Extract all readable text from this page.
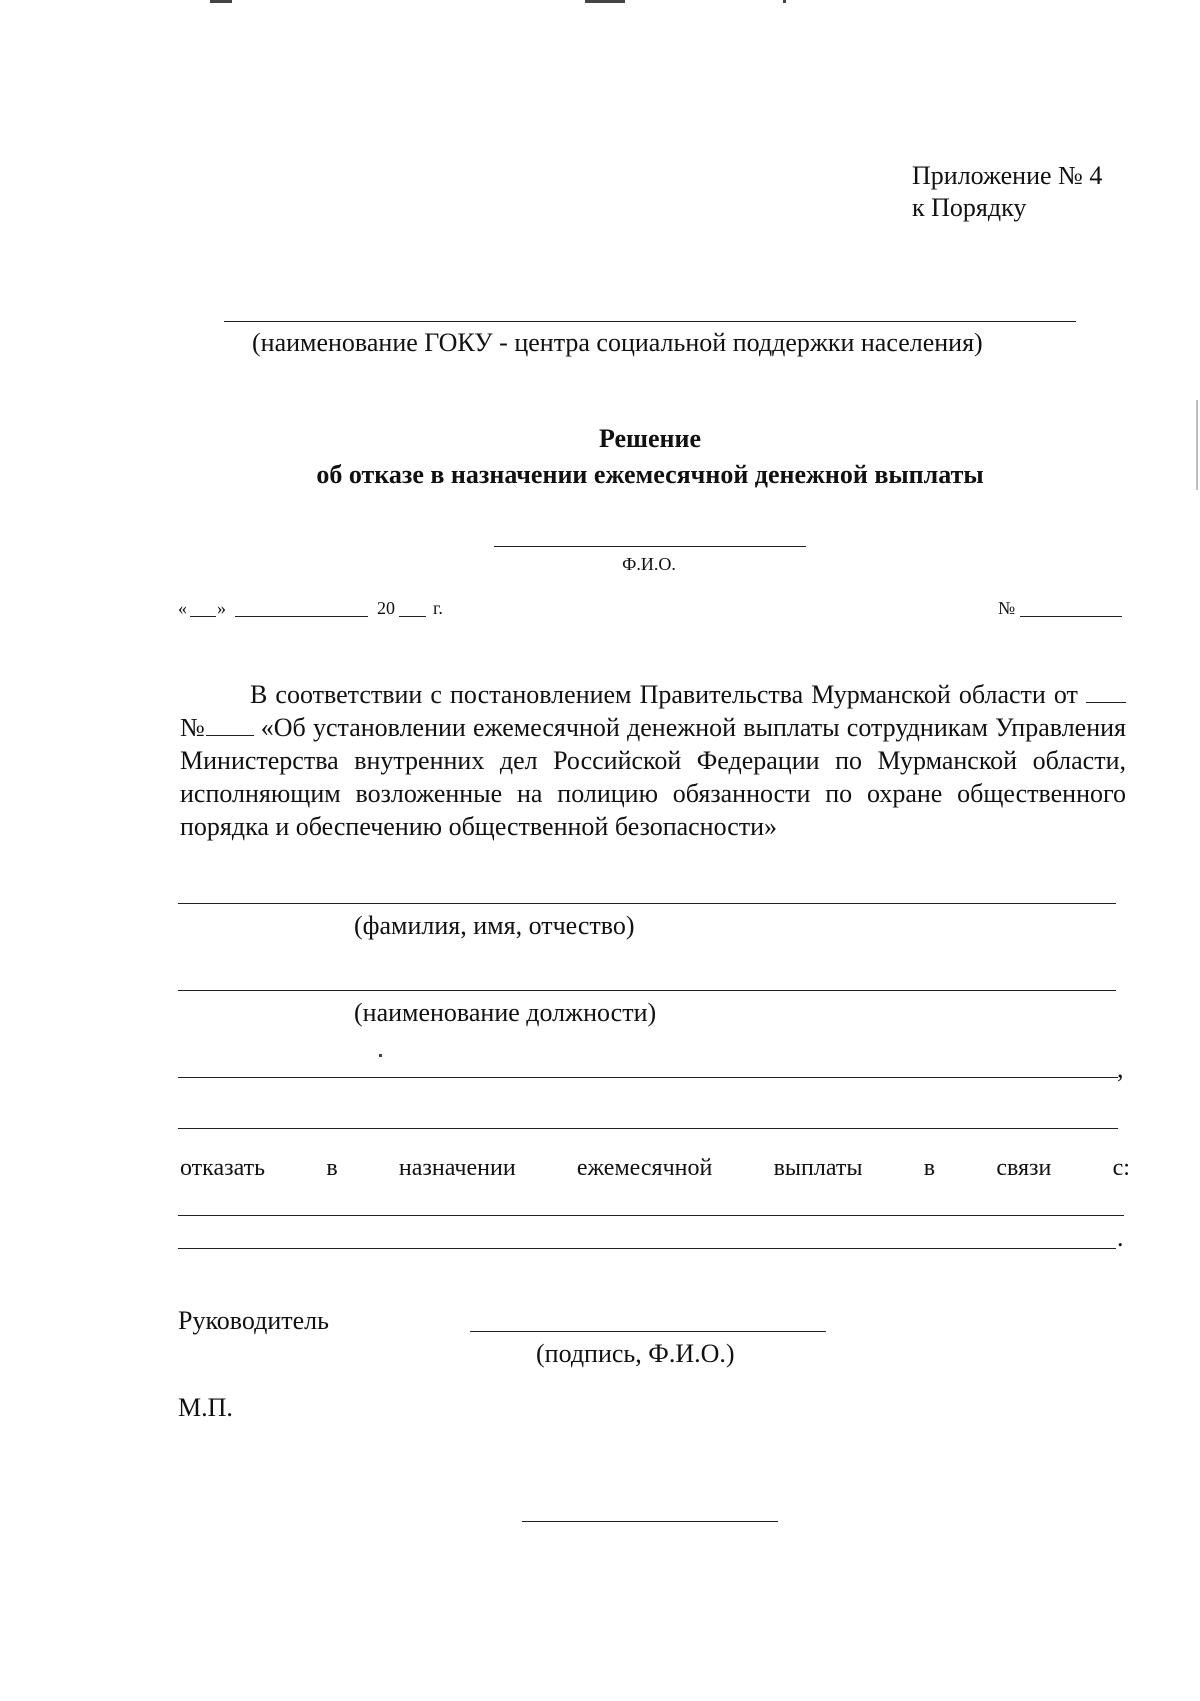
Приложение № 4
к Порядку
(наименование ГОКУ - центра социальной поддержки населения)
Решение
об отказе в назначении ежемесячной денежной выплаты
Ф.И.О.
« »	20 г.	№
В соответствии с постановлением Правительства Мурманской области от  № «Об установлении ежемесячной денежной выплаты сотрудникам Управления Министерства внутренних дел Российской Федерации по Мурманской области, исполняющим возложенные на полицию обязанности по охране общественного порядка и обеспечению общественной безопасности»
(фамилия, имя, отчество)
(наименование должности)
,
отказать	в	назначении	ежемесячной	выплаты	в	связи	с:
.
Руководитель
(подпись, Ф.И.О.)
М.П.
